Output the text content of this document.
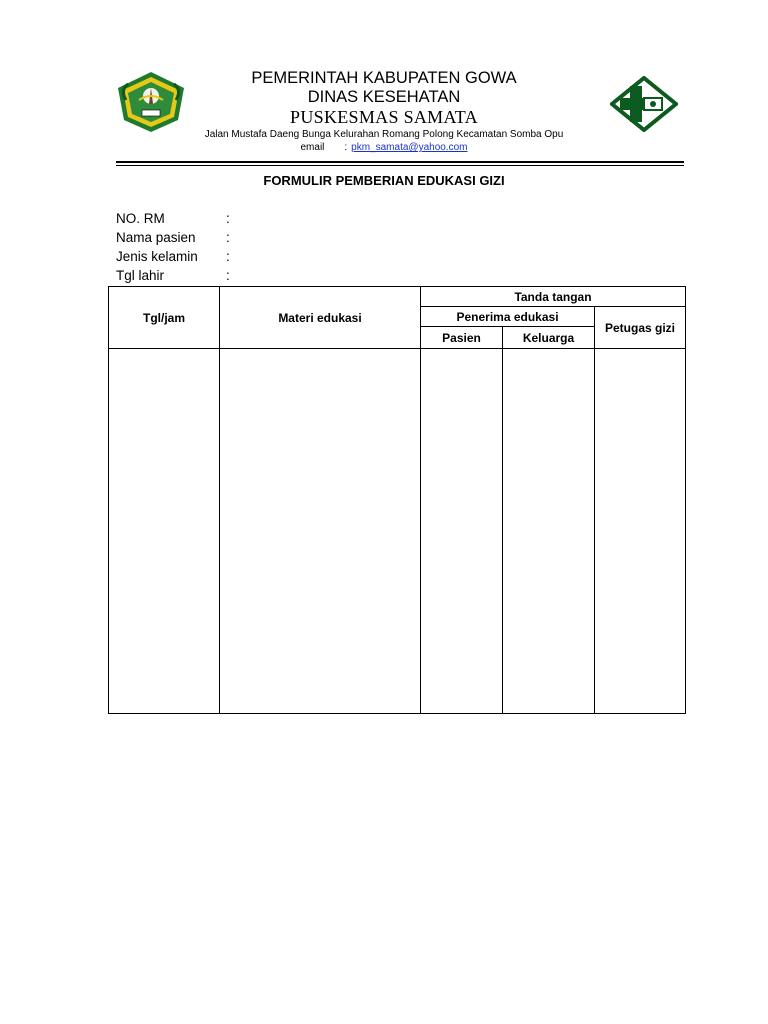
PEMERINTAH KABUPATEN GOWA
DINAS KESEHATAN
PUSKESMAS SAMATA
Jalan Mustafa Daeng Bunga Kelurahan Romang Polong Kecamatan Somba Opu
email : pkm_samata@yahoo.com
FORMULIR PEMBERIAN EDUKASI GIZI
NO. RM	:
Nama pasien :
Jenis kelamin :
Tgl lahir	:
Tgl/jam	Materi edukasi	Tanda tangan		
		Penerima edukasi		Petugas gizi
		Pasien	Keluarga	
